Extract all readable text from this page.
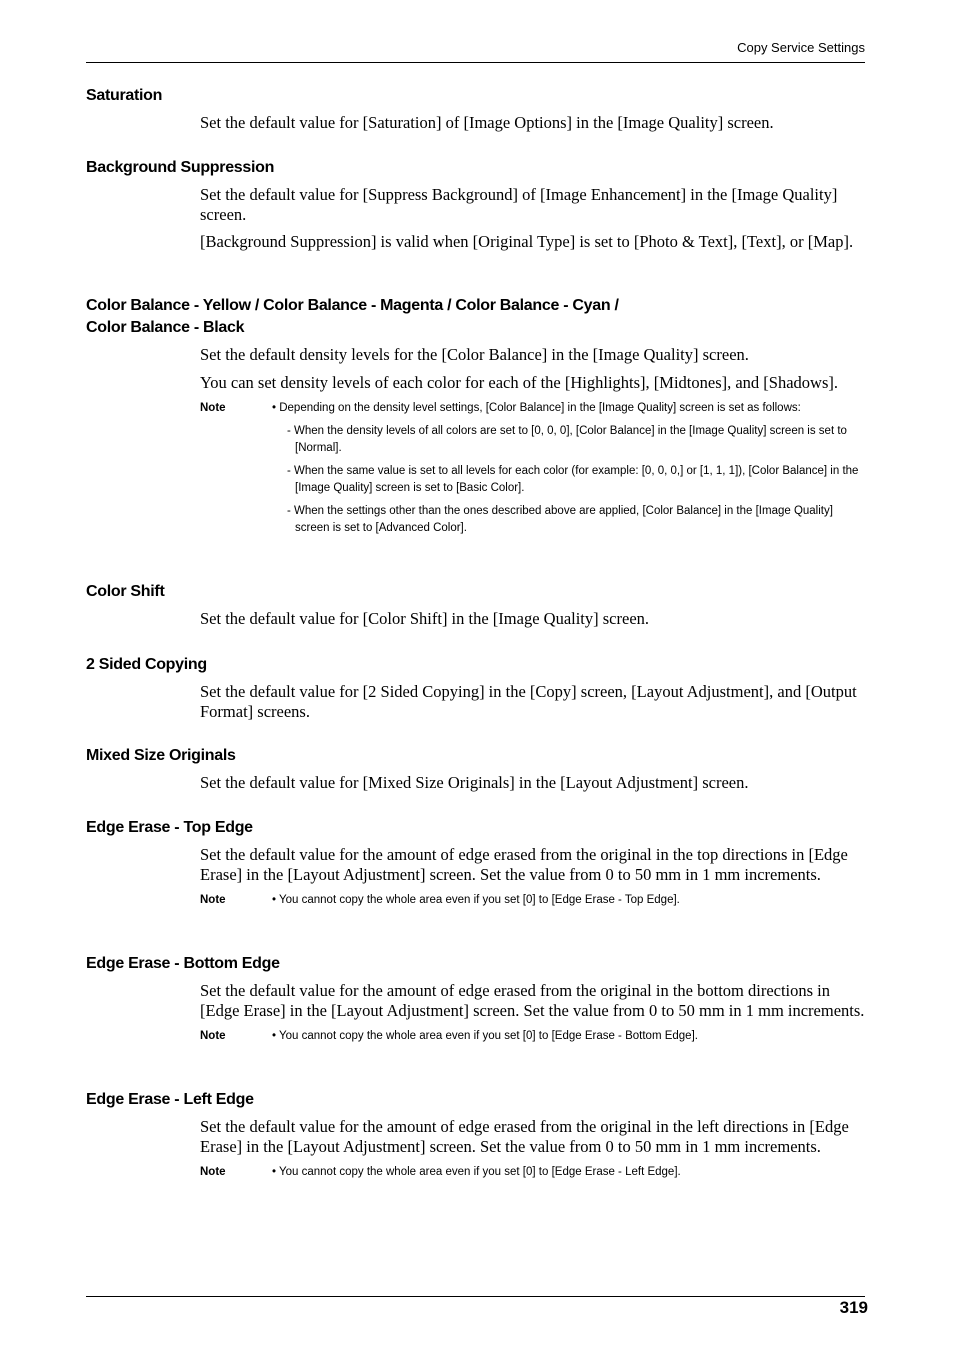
Copy Service Settings
Saturation

Set the default value for [Saturation] of [Image Options] in the [Image Quality] screen.

Background Suppression

Set the default value for [Suppress Background] of [Image Enhancement] in the [Image Quality] screen.

[Background Suppression] is valid when [Original Type] is set to [Photo & Text], [Text], or [Map].

Color Balance - Yellow / Color Balance - Magenta / Color Balance - Cyan /
Color Balance - Black

Set the default density levels for the [Color Balance] in the [Image Quality] screen.

You can set density levels of each color for each of the [Highlights], [Midtones], and [Shadows].

Note	• Depending on the density level settings, [Color Balance] in the [Image Quality] screen is set as follows:
- When the density levels of all colors are set to [0, 0, 0], [Color Balance] in the [Image Quality] screen is set to [Normal].
- When the same value is set to all levels for each color (for example: [0, 0, 0,] or [1, 1, 1]), [Color Balance] in the [Image Quality] screen is set to [Basic Color].
- When the settings other than the ones described above are applied, [Color Balance] in the [Image Quality] screen is set to [Advanced Color].
Color Shift

Set the default value for [Color Shift] in the [Image Quality] screen.

2 Sided Copying

Set the default value for [2 Sided Copying] in the [Copy] screen, [Layout Adjustment], and [Output Format] screens.

Mixed Size Originals

Set the default value for [Mixed Size Originals] in the [Layout Adjustment] screen.

Edge Erase - Top Edge

Set the default value for the amount of edge erased from the original in the top directions in [Edge Erase] in the [Layout Adjustment] screen. Set the value from 0 to 50 mm in 1 mm increments.

Note	• You cannot copy the whole area even if you set [0] to [Edge Erase - Top Edge].
Edge Erase - Bottom Edge

Set the default value for the amount of edge erased from the original in the bottom directions in [Edge Erase] in the [Layout Adjustment] screen. Set the value from 0 to 50 mm in 1 mm increments.

Note	• You cannot copy the whole area even if you set [0] to [Edge Erase - Bottom Edge].
Edge Erase - Left Edge

Set the default value for the amount of edge erased from the original in the left directions in [Edge Erase] in the [Layout Adjustment] screen. Set the value from 0 to 50 mm in 1 mm increments.

Note	• You cannot copy the whole area even if you set [0] to [Edge Erase - Left Edge].
319
